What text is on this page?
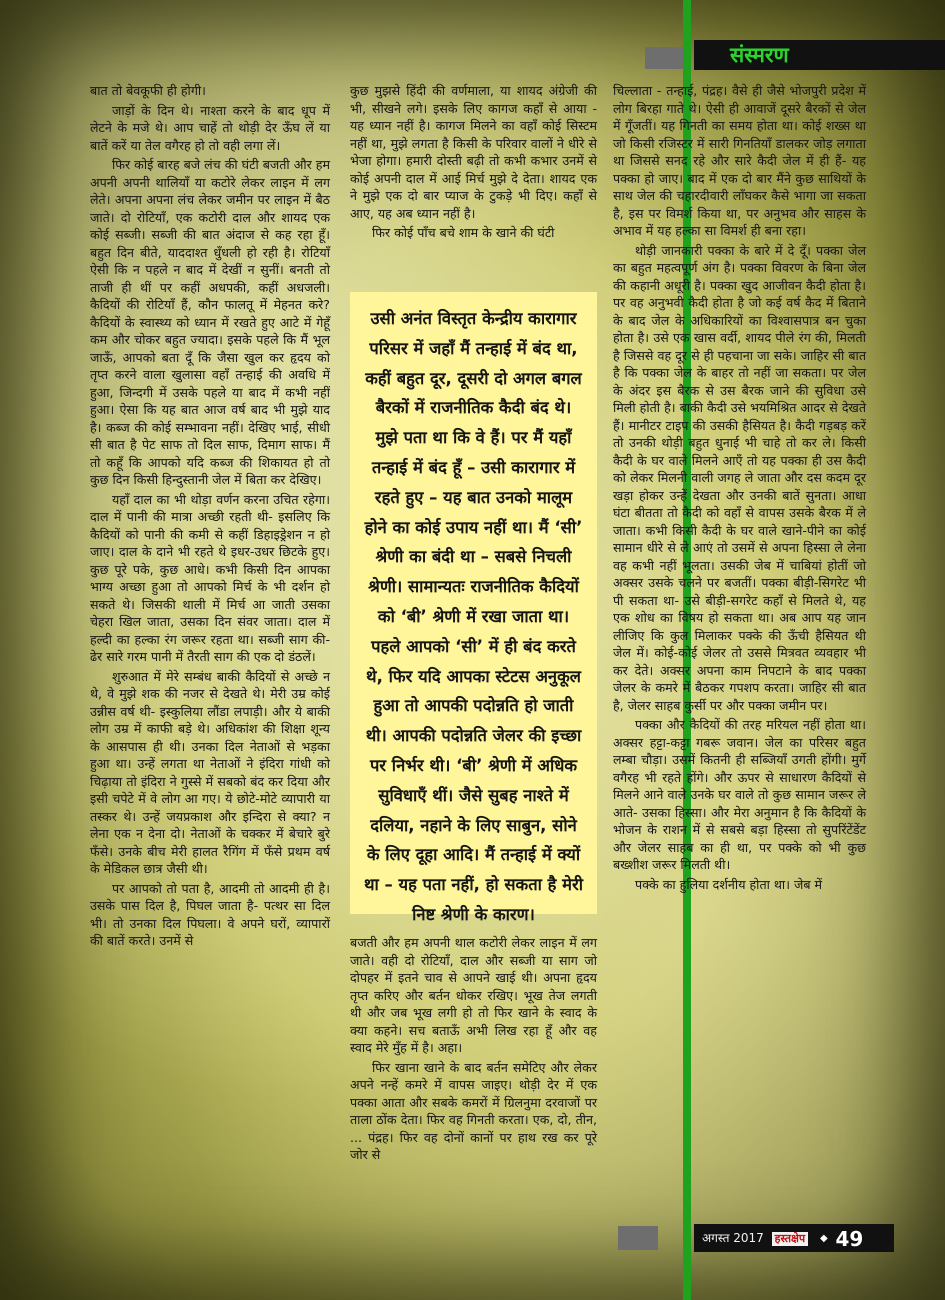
संस्मरण

बात तो बेवकूफी ही होगी।

जाड़ों के दिन थे। नाश्ता करने के बाद धूप में लेटने के मजे थे। आप चाहें तो थोड़ी देर ऊँघ लें या बातें करें या तेल वगैरह हो तो वही लगा लें।

फिर कोई बारह बजे लंच की घंटी बजती और हम अपनी अपनी थालियाँ या कटोरे लेकर लाइन में लग लेते। अपना अपना लंच लेकर जमीन पर लाइन में बैठ जाते। दो रोटियाँ, एक कटोरी दाल और शायद एक कोई सब्जी। सब्जी की बात अंदाज से कह रहा हूँ। बहुत दिन बीते, याददाश्त धुँधली हो रही है। रोटियाँ ऐसी कि न पहले न बाद में देखीं न सुनीं। बनती तो ताजी ही थीं पर कहीं अधपकी, कहीं अधजली। कैदियों की रोटियाँ हैं, कौन फालतू में मेहनत करे? कैदियों के स्वास्थ्य को ध्यान में रखते हुए आटे में गेहूँ कम और चोकर बहुत ज्यादा। इसके पहले कि मैं भूल जाऊँ, आपको बता दूँ कि जैसा खुल कर हृदय को तृप्त करने वाला खुलासा वहाँ तन्हाई की अवधि में हुआ, जिन्दगी में उसके पहले या बाद में कभी नहीं हुआ। ऐसा कि यह बात आज वर्ष बाद भी मुझे याद है। कब्ज की कोई सम्भावना नहीं। देखिए भाई, सीधी सी बात है पेट साफ तो दिल साफ, दिमाग साफ। मैं तो कहूँ कि आपको यदि कब्ज की शिकायत हो तो कुछ दिन किसी हिन्दुस्तानी जेल में बिता कर देखिए।

यहाँ दाल का भी थोड़ा वर्णन करना उचित रहेगा। दाल में पानी की मात्रा अच्छी रहती थी- इसलिए कि कैदियों को पानी की कमी से कहीं डिहाइड्रेशन न हो जाए। दाल के दाने भी रहते थे इधर-उधर छिटके हुए। कुछ पूरे पके, कुछ आधे। कभी किसी दिन आपका भाग्य अच्छा हुआ तो आपको मिर्च के भी दर्शन हो सकते थे। जिसकी थाली में मिर्च आ जाती उसका चेहरा खिल जाता, उसका दिन संवर जाता। दाल में हल्दी का हल्का रंग जरूर रहता था। सब्जी साग की- ढेर सारे गरम पानी में तैरती साग की एक दो डंठलें।

शुरुआत में मेरे सम्बंध बाकी कैदियों से अच्छे न थे, वे मुझे शक की नजर से देखते थे। मेरी उम्र कोई उन्नीस वर्ष थी- इस्कुलिया लौंडा लपाड़ी। और ये बाकी लोग उम्र में काफी बड़े थे। अधिकांश की शिक्षा शून्य के आसपास ही थी। उनका दिल नेताओं से भड़का हुआ था। उन्हें लगता था नेताओं ने इंदिरा गांधी को चिढ़ाया तो इंदिरा ने गुस्से में सबको बंद कर दिया और इसी चपेटे में वे लोग आ गए। ये छोटे-मोटे व्यापारी या तस्कर थे। उन्हें जयप्रकाश और इन्दिरा से क्या? न लेना एक न देना दो। नेताओं के चक्कर में बेचारे बुरे फँसे। उनके बीच मेरी हालत रैगिंग में फँसे प्रथम वर्ष के मेडिकल छात्र जैसी थी।

पर आपको तो पता है, आदमी तो आदमी ही है। उसके पास दिल है, पिघल जाता है- पत्थर सा दिल भी। तो उनका दिल पिघला। वे अपने घरों, व्यापारों की बातें करते। उनमें से

कुछ मुझसे हिंदी की वर्णमाला, या शायद अंग्रेजी की भी, सीखने लगे। इसके लिए कागज कहाँ से आया - यह ध्यान नहीं है। कागज मिलने का वहाँ कोई सिस्टम नहीं था, मुझे लगता है किसी के परिवार वालों ने धीरे से भेजा होगा। हमारी दोस्ती बढ़ी तो कभी कभार उनमें से कोई अपनी दाल में आई मिर्च मुझे दे देता। शायद एक ने मुझे एक दो बार प्याज के टुकड़े भी दिए। कहाँ से आए, यह अब ध्यान नहीं है।

फिर कोई पाँच बचे शाम के खाने की घंटी

उसी अनंत विस्तृत केन्द्रीय कारागार परिसर में जहाँ मैं तन्हाई में बंद था, कहीं बहुत दूर, दूसरी दो अगल बगल बैरकों में राजनीतिक कैदी बंद थे। मुझे पता था कि वे हैं। पर मैं यहाँ तन्हाई में बंद हूँ – उसी कारागार में रहते हुए – यह बात उनको मालूम होने का कोई उपाय नहीं था। मैं ‘सी’ श्रेणी का बंदी था – सबसे निचली श्रेणी। सामान्यतः राजनीतिक कैदियों को ‘बी’ श्रेणी में रखा जाता था। पहले आपको ‘सी’ में ही बंद करते थे, फिर यदि आपका स्टेटस अनुकूल हुआ तो आपकी पदोन्नति हो जाती थी। आपकी पदोन्नति जेलर की इच्छा पर निर्भर थी। ‘बी’ श्रेणी में अधिक सुविधाएँ थीं। जैसे सुबह नाश्ते में दलिया, नहाने के लिए साबुन, सोने के लिए दूहा आदि। मैं तन्हाई में क्यों था – यह पता नहीं, हो सकता है मेरी निष्ट श्रेणी के कारण।

बजती और हम अपनी थाल कटोरी लेकर लाइन में लग जाते। वही दो रोटियाँ, दाल और सब्जी या साग जो दोपहर में इतने चाव से आपने खाई थी। अपना हृदय तृप्त करिए और बर्तन धोकर रखिए। भूख तेज लगती थी और जब भूख लगी हो तो फिर खाने के स्वाद के क्या कहने। सच बताऊँ अभी लिख रहा हूँ और वह स्वाद मेरे मुँह में है। अहा।

फिर खाना खाने के बाद बर्तन समेटिए और लेकर अपने नन्हें कमरे में वापस जाइए। थोड़ी देर में एक पक्का आता और सबके कमरों में ग्रिलनुमा दरवाजों पर ताला ठोंक देता। फिर वह गिनती करता। एक, दो, तीन, ... पंद्रह। फिर वह दोनों कानों पर हाथ रख कर पूरे जोर से

चिल्लाता - तन्हाई, पंद्रह। वैसे ही जैसे भोजपुरी प्रदेश में लोग बिरहा गाते थे। ऐसी ही आवाजें दूसरे बैरकों से जेल में गूँजतीं। यह गिनती का समय होता था। कोई शख्स था जो किसी रजिस्टर में सारी गिनतियाँ डालकर जोड़ लगाता था जिससे सनद रहे और सारे कैदी जेल में ही हैं- यह पक्का हो जाए। बाद में एक दो बार मैंने कुछ साथियों के साथ जेल की चहारदीवारी लाँघकर कैसे भागा जा सकता है, इस पर विमर्श किया था, पर अनुभव और साहस के अभाव में यह हल्का सा विमर्श ही बना रहा।

थोड़ी जानकारी पक्का के बारे में दे दूँ। पक्का जेल का बहुत महत्वपूर्ण अंग है। पक्का विवरण के बिना जेल की कहानी अधूरी है। पक्का खुद आजीवन कैदी होता है। पर वह अनुभवी कैदी होता है जो कई वर्ष कैद में बिताने के बाद जेल के अधिकारियों का विश्वासपात्र बन चुका होता है। उसे एक खास वर्दी, शायद पीले रंग की, मिलती है जिससे वह दूर से ही पहचाना जा सके। जाहिर सी बात है कि पक्का जेल के बाहर तो नहीं जा सकता। पर जेल के अंदर इस बैरक से उस बैरक जाने की सुविधा उसे मिली होती है। बाकी कैदी उसे भयमिश्रित आदर से देखते हैं। मानीटर टाइप की उसकी हैसियत है। कैदी गड़बड़ करें तो उनकी थोड़ी बहुत धुनाई भी चाहे तो कर ले। किसी कैदी के घर वाले मिलने आएँ तो यह पक्का ही उस कैदी को लेकर मिलनी वाली जगह ले जाता और दस कदम दूर खड़ा होकर उन्हें देखता और उनकी बातें सुनता। आधा घंटा बीतता तो कैदी को वहाँ से वापस उसके बैरक में ले जाता। कभी किसी कैदी के घर वाले खाने-पीने का कोई सामान धीरे से ले आएं तो उसमें से अपना हिस्सा ले लेना वह कभी नहीं भूलता। उसकी जेब में चाबियां होतीं जो अक्सर उसके चलने पर बजतीं। पक्का बीड़ी-सिगरेट भी पी सकता था- उसे बीड़ी-सगरेट कहाँ से मिलते थे, यह एक शोध का विषय हो सकता था। अब आप यह जान लीजिए कि कुल मिलाकर पक्के की ऊँची हैसियत थी जेल में। कोई-कोई जेलर तो उससे मित्रवत व्यवहार भी कर देते। अक्सर अपना काम निपटाने के बाद पक्का जेलर के कमरे में बैठकर गपशप करता। जाहिर सी बात है, जेलर साहब कुर्सी पर और पक्का जमीन पर।

पक्का और कैदियों की तरह मरियल नहीं होता था। अक्सर हट्टा-कट्टा गबरू जवान। जेल का परिसर बहुत लम्बा चौड़ा। उसमें कितनी ही सब्जियाँ उगती होंगी। मुर्गे वगैरह भी रहते होंगे। और ऊपर से साधारण कैदियों से मिलने आने वाले उनके घर वाले तो कुछ सामान जरूर ले आते- उसका हिस्सा। और मेरा अनुमान है कि कैदियों के भोजन के राशन में से सबसे बड़ा हिस्सा तो सुपरिंटेंडेंट और जेलर साहब का ही था, पर पक्के को भी कुछ बख्शीश जरूर मिलती थी।

पक्के का हुलिया दर्शनीय होता था। जेब में

अगस्त 2017 हस्तक्षेप ◆ 49
